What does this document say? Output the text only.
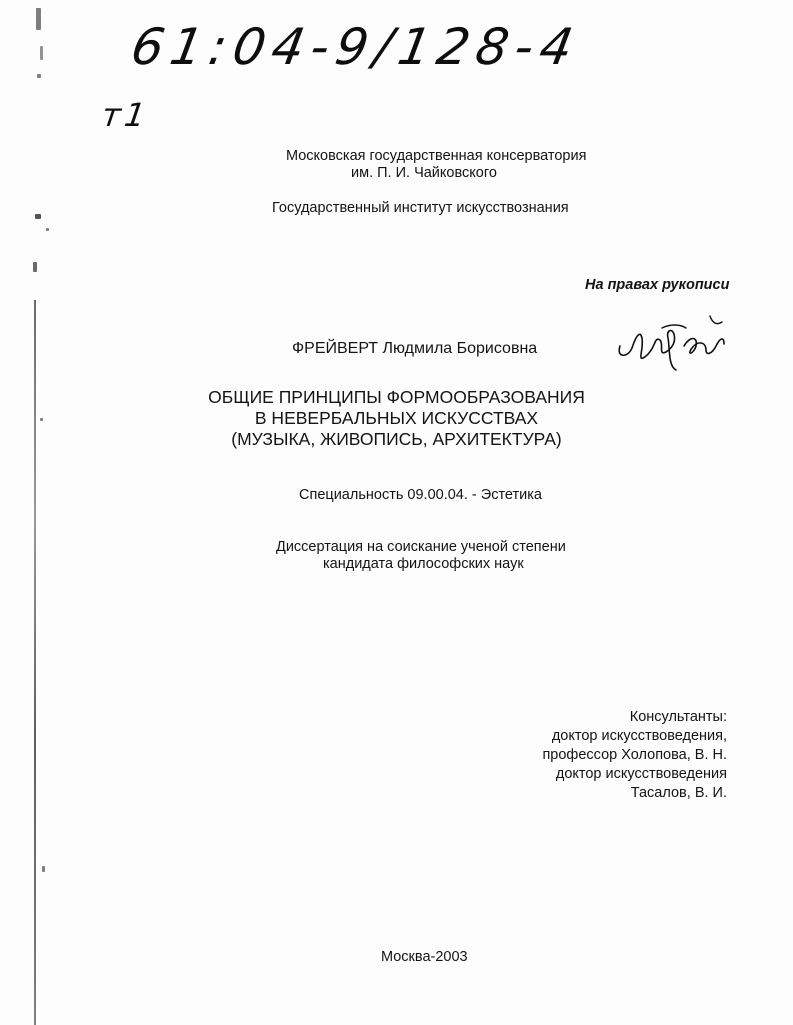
61:04-9/128-4
т1
Московская государственная консерватория
им. П. И. Чайковского
Государственный институт искусствознания
На правах рукописи
ФРЕЙВЕРТ Людмила Борисовна
ОБЩИЕ ПРИНЦИПЫ ФОРМООБРАЗОВАНИЯ
В НЕВЕРБАЛЬНЫХ ИСКУССТВАХ
(МУЗЫКА, ЖИВОПИСЬ, АРХИТЕКТУРА)
Специальность 09.00.04. - Эстетика
Диссертация на соискание ученой степени
кандидата философских наук
Консультанты:
доктор искусствоведения,
профессор Холопова, В. Н.
доктор искусствоведения
Тасалов, В. И.
Москва-2003
